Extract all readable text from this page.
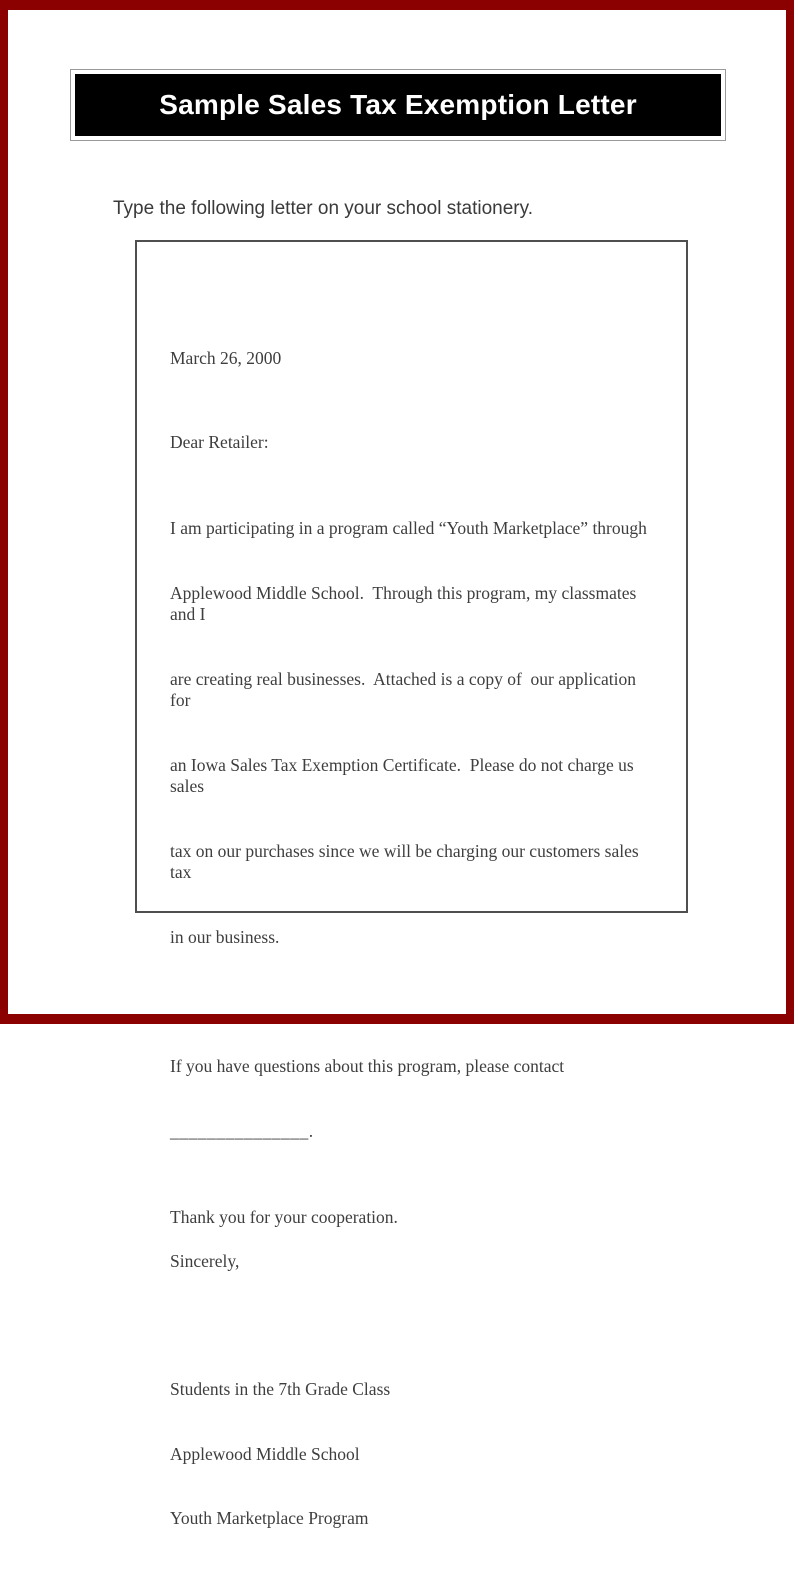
Sample Sales Tax Exemption Letter
Type the following letter on your school stationery.
March 26, 2000
Dear Retailer:

I am participating in a program called “Youth Marketplace” through

Applewood Middle School.  Through this program, my classmates and I

are creating real businesses.  Attached is a copy of  our application for

an Iowa Sales Tax Exemption Certificate.  Please do not charge us sales

tax on our purchases since we will be charging our customers sales tax

in our business.

If you have questions about this program, please contact

_______________.

Thank you for your cooperation.
Sincerely,

Students in the 7th Grade Class

Applewood Middle School

Youth Marketplace Program
